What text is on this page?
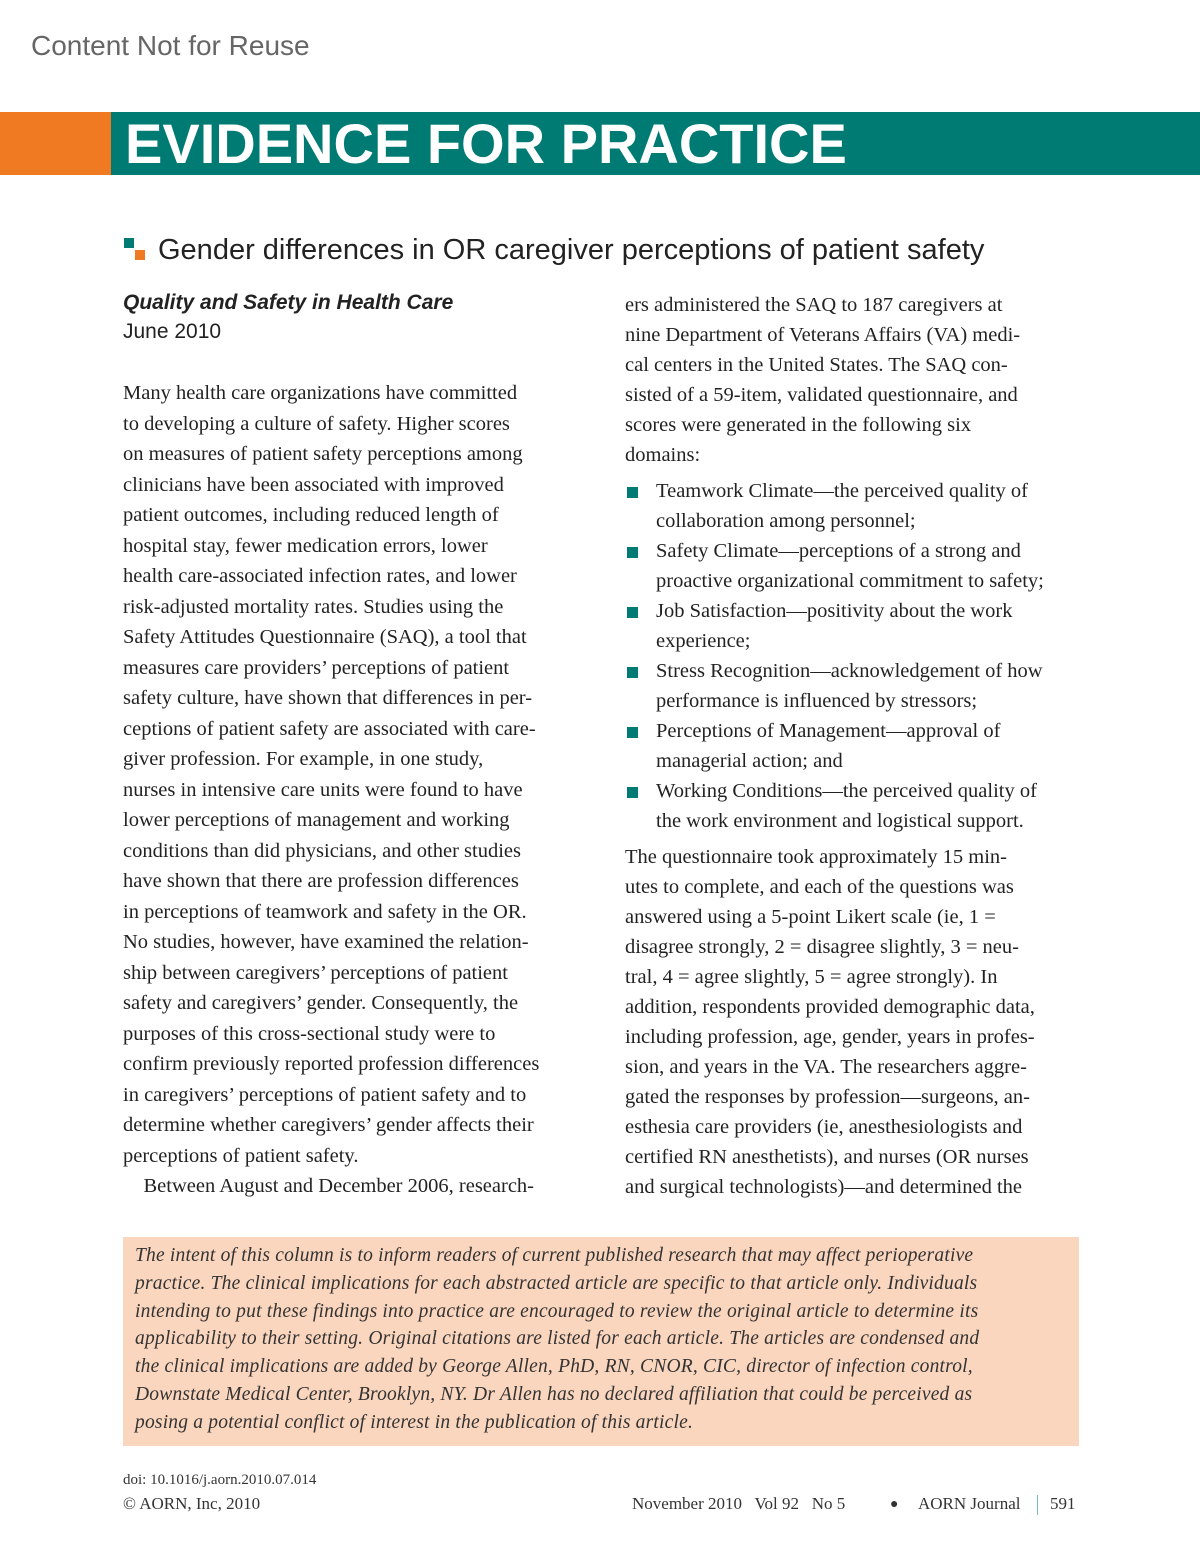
Content Not for Reuse
EVIDENCE FOR PRACTICE
Gender differences in OR caregiver perceptions of patient safety
Quality and Safety in Health Care
June 2010
Many health care organizations have committed
to developing a culture of safety. Higher scores
on measures of patient safety perceptions among
clinicians have been associated with improved
patient outcomes, including reduced length of
hospital stay, fewer medication errors, lower
health care-associated infection rates, and lower
risk-adjusted mortality rates. Studies using the
Safety Attitudes Questionnaire (SAQ), a tool that
measures care providers’ perceptions of patient
safety culture, have shown that differences in per-
ceptions of patient safety are associated with care-
giver profession. For example, in one study,
nurses in intensive care units were found to have
lower perceptions of management and working
conditions than did physicians, and other studies
have shown that there are profession differences
in perceptions of teamwork and safety in the OR.
No studies, however, have examined the relation-
ship between caregivers’ perceptions of patient
safety and caregivers’ gender. Consequently, the
purposes of this cross-sectional study were to
confirm previously reported profession differences
in caregivers’ perceptions of patient safety and to
determine whether caregivers’ gender affects their
perceptions of patient safety.
Between August and December 2006, research-
ers administered the SAQ to 187 caregivers at
nine Department of Veterans Affairs (VA) medi-
cal centers in the United States. The SAQ con-
sisted of a 59-item, validated questionnaire, and
scores were generated in the following six
domains:
Teamwork Climate—the perceived quality of
collaboration among personnel;
Safety Climate—perceptions of a strong and
proactive organizational commitment to safety;
Job Satisfaction—positivity about the work
experience;
Stress Recognition—acknowledgement of how
performance is influenced by stressors;
Perceptions of Management—approval of
managerial action; and
Working Conditions—the perceived quality of
the work environment and logistical support.
The questionnaire took approximately 15 min-
utes to complete, and each of the questions was
answered using a 5-point Likert scale (ie, 1 =
disagree strongly, 2 = disagree slightly, 3 = neu-
tral, 4 = agree slightly, 5 = agree strongly). In
addition, respondents provided demographic data,
including profession, age, gender, years in profes-
sion, and years in the VA. The researchers aggre-
gated the responses by profession—surgeons, an-
esthesia care providers (ie, anesthesiologists and
certified RN anesthetists), and nurses (OR nurses
and surgical technologists)—and determined the
The intent of this column is to inform readers of current published research that may affect perioperative
practice. The clinical implications for each abstracted article are specific to that article only. Individuals
intending to put these findings into practice are encouraged to review the original article to determine its
applicability to their setting. Original citations are listed for each article. The articles are condensed and
the clinical implications are added by George Allen, PhD, RN, CNOR, CIC, director of infection control,
Downstate Medical Center, Brooklyn, NY. Dr Allen has no declared affiliation that could be perceived as
posing a potential conflict of interest in the publication of this article.
doi: 10.1016/j.aorn.2010.07.014
© AORN, Inc, 2010	November 2010   Vol 92   No 5	● AORN Journal 591
